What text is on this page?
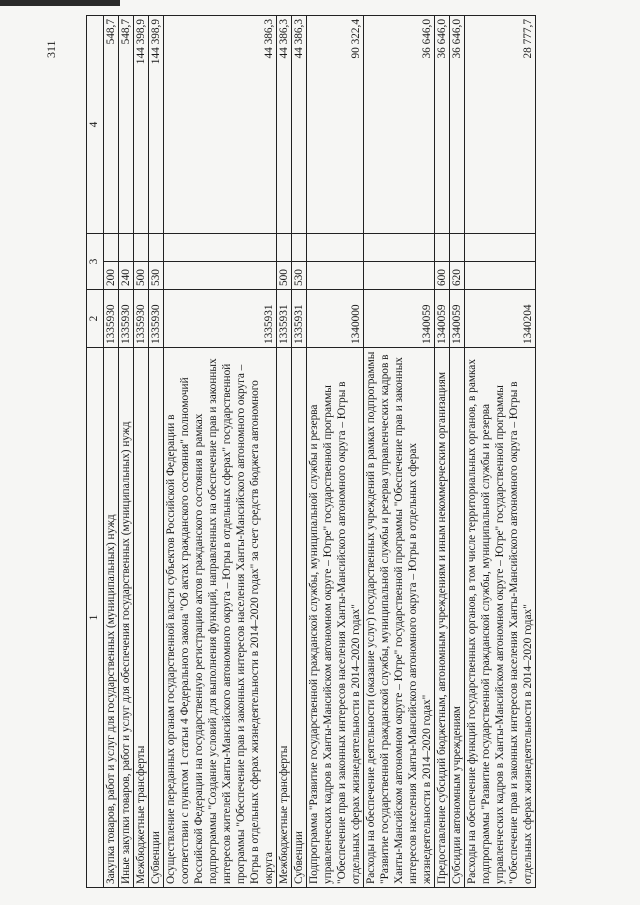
311
1	2	3		4
Закупка товаров, работ и услуг для государственных (муниципальных) нужд	1335930	200		548,7
Иные закупки товаров, работ и услуг для обеспечения государственных (муниципальных) нужд	1335930	240		548,7
Межбюджетные трансферты	1335930	500		144 398,9
Субвенции	1335930	530		144 398,9
Осуществление переданных органам государственной власти субъектов Российской Федерации в соответствии с пунктом 1 статьи 4 Федерального закона "Об актах гражданского состояния" полномочий Российской Федерации на государственную регистрацию актов гражданского состояния в рамках подпрограммы "Создание условий для выполнения функций, направленных на обеспечение прав и законных интересов жителей Ханты-Мансийского автономного округа – Югры в отдельных сферах" государственной программы "Обеспечение прав и законных интересов населения Ханты-Мансийского автономного округа – Югры в отдельных сферах жизнедеятельности в 2014–2020 годах" за счет средств бюджета автономного округа	1335931			44 386,3
Межбюджетные трансферты	1335931	500		44 386,3
Субвенции	1335931	530		44 386,3
Подпрограмма "Развитие государственной гражданской службы, муниципальной службы и резерва управленческих кадров в Ханты-Мансийском автономном округе – Югре" государственной программы "Обеспечение прав и законных интересов населения Ханты-Мансийского автономного округа – Югры в отдельных сферах жизнедеятельности в 2014–2020 годах"	1340000			90 322,4
Расходы на обеспечение деятельности (оказание услуг) государственных учреждений в рамках подпрограммы "Развитие государственной гражданской службы, муниципальной службы и резерва управленческих кадров в Ханты-Мансийском автономном округе – Югре" государственной программы "Обеспечение прав и законных интересов населения Ханты-Мансийского автономного округа – Югры в отдельных сферах жизнедеятельности в 2014–2020 годах"	1340059			36 646,0
Предоставление субсидий бюджетным, автономным учреждениям и иным некоммерческим организациям	1340059	600		36 646,0
Субсидии автономным учреждениям	1340059	620		36 646,0
Расходы на обеспечение функций государственных органов, в том числе территориальных органов, в рамках подпрограммы "Развитие государственной гражданской службы, муниципальной службы и резерва управленческих кадров в Ханты-Мансийском автономном округе – Югре" государственной программы "Обеспечение прав и законных интересов населения Ханты-Мансийского автономного округа – Югры в отдельных сферах жизнедеятельности в 2014–2020 годах"	1340204			28 777,7
